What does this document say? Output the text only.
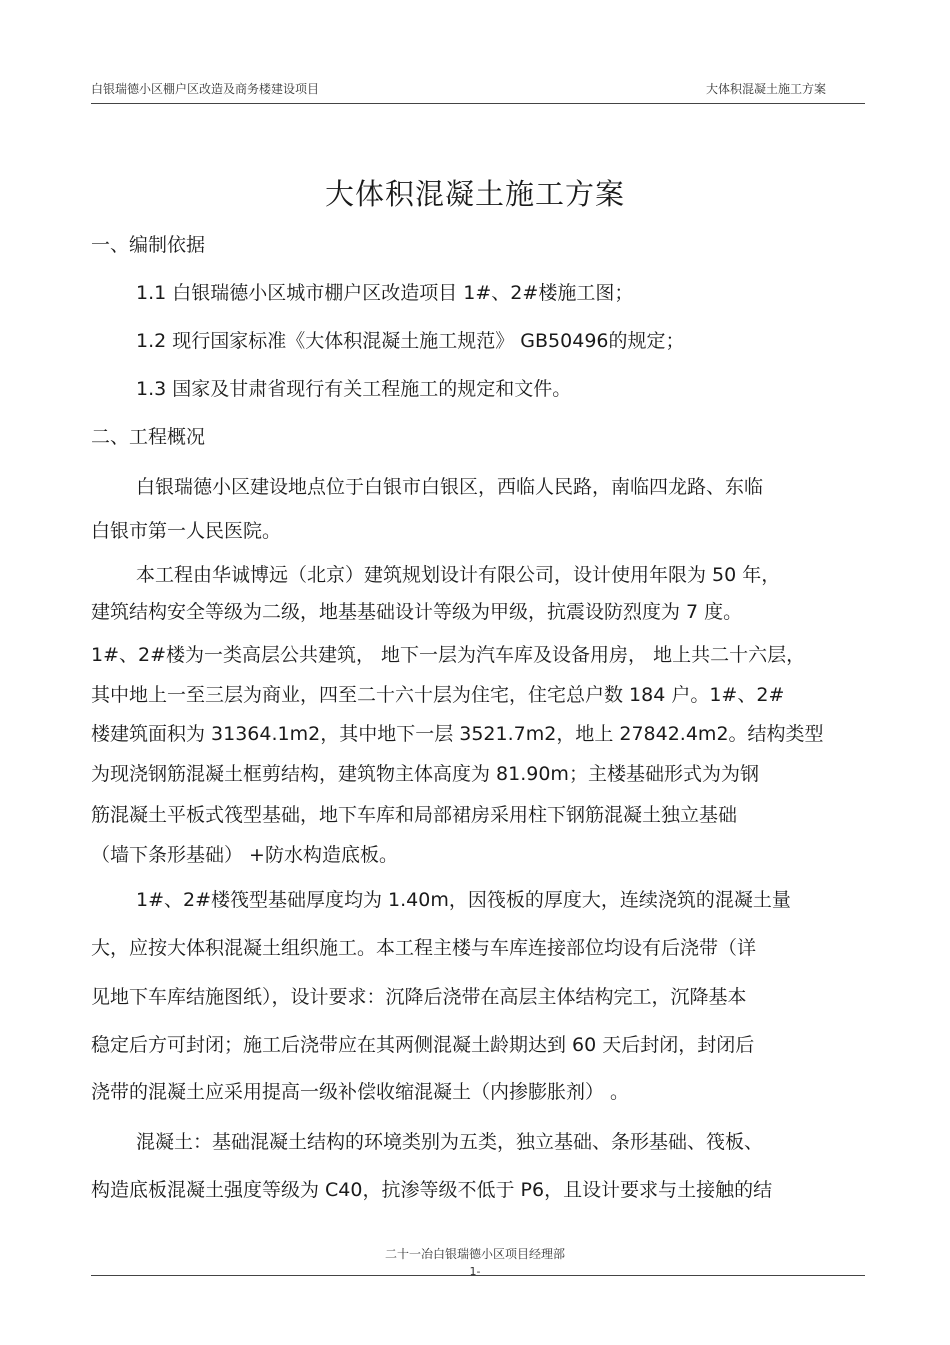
白银瑞德小区棚户区改造及商务楼建设项目	大体积混凝土施工方案
大体积混凝土施工方案
一、编制依据
1.1 白银瑞德小区城市棚户区改造项目 1#、2#楼施工图；
1.2 现行国家标准《大体积混凝土施工规范》 GB50496的规定；
1.3 国家及甘肃省现行有关工程施工的规定和文件。
二、工程概况
白银瑞德小区建设地点位于白银市白银区，西临人民路，南临四龙路、东临
白银市第一人民医院。
本工程由华诚博远（北京）建筑规划设计有限公司，设计使用年限为 50 年，
建筑结构安全等级为二级，地基基础设计等级为甲级，抗震设防烈度为 7 度。
1#、2#楼为一类高层公共建筑， 地下一层为汽车库及设备用房， 地上共二十六层，
其中地上一至三层为商业，四至二十六十层为住宅，住宅总户数 184 户。1#、2#
楼建筑面积为 31364.1m2，其中地下一层 3521.7m2，地上 27842.4m2。结构类型
为现浇钢筋混凝土框剪结构，建筑物主体高度为 81.90m；主楼基础形式为为钢
筋混凝土平板式筏型基础，地下车库和局部裙房采用柱下钢筋混凝土独立基础
（墙下条形基础） +防水构造底板。
1#、2#楼筏型基础厚度均为 1.40m，因筏板的厚度大，连续浇筑的混凝土量
大，应按大体积混凝土组织施工。本工程主楼与车库连接部位均设有后浇带（详
见地下车库结施图纸），设计要求：沉降后浇带在高层主体结构完工，沉降基本
稳定后方可封闭；施工后浇带应在其两侧混凝土龄期达到 60 天后封闭，封闭后
浇带的混凝土应采用提高一级补偿收缩混凝土（内掺膨胀剂） 。
混凝土：基础混凝土结构的环境类别为五类，独立基础、条形基础、筏板、
构造底板混凝土强度等级为 C40，抗渗等级不低于 P6，且设计要求与土接触的结
二十一冶白银瑞德小区项目经理部
1-
